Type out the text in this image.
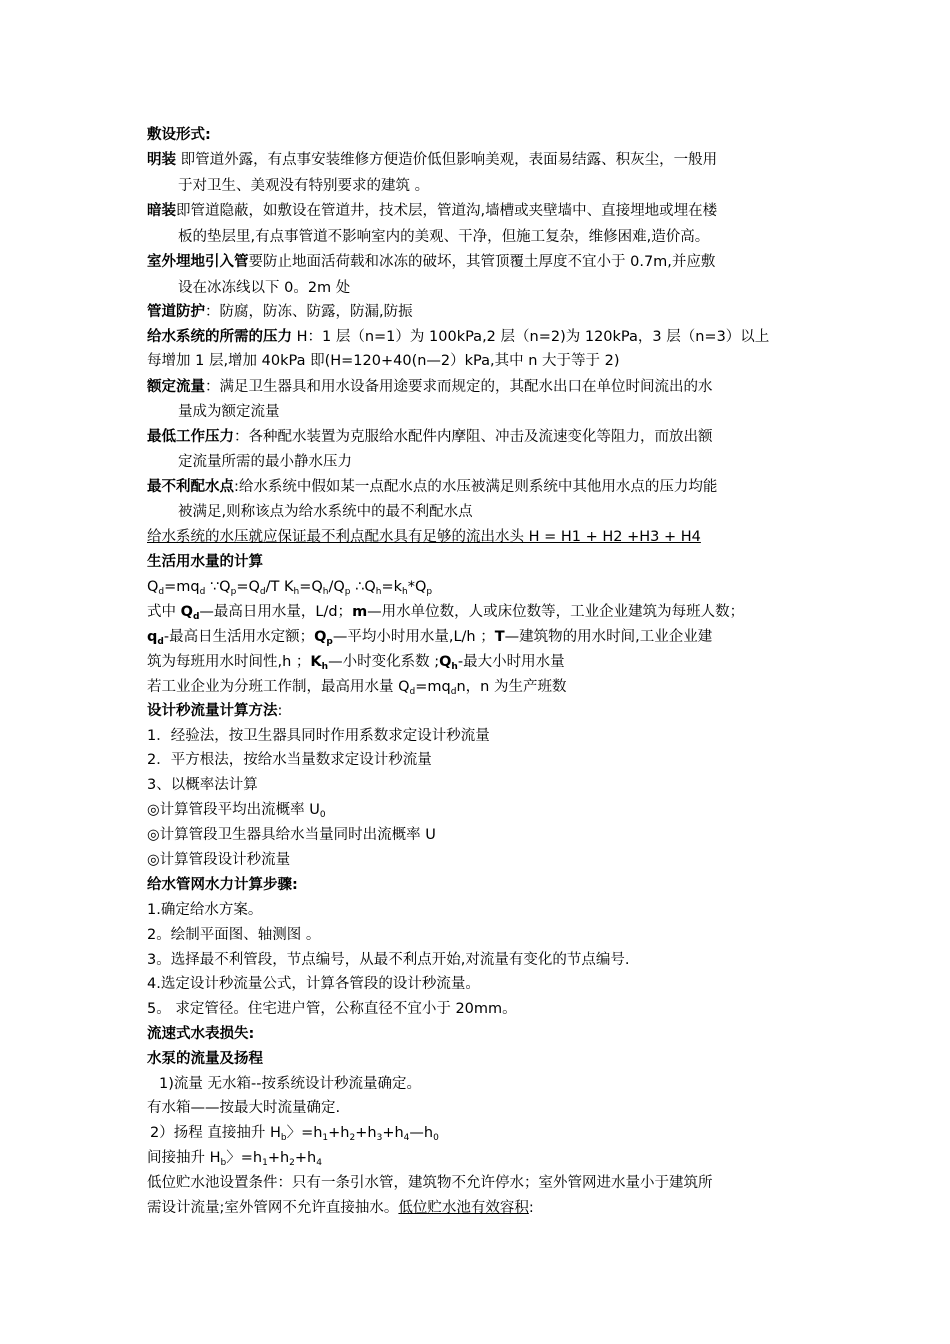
敷设形式:
明装 即管道外露，有点事安装维修方便造价低但影响美观，表面易结露、积灰尘，一般用
于对卫生、美观没有特别要求的建筑 。
暗装即管道隐蔽，如敷设在管道井，技术层，管道沟,墙槽或夹壁墙中、直接埋地或埋在楼
板的垫层里,有点事管道不影响室内的美观、干净，但施工复杂，维修困难,造价高。
室外埋地引入管要防止地面活荷载和冰冻的破坏，其管顶覆土厚度不宜小于 0.7m,并应敷
设在冰冻线以下 0。2m 处
管道防护：防腐，防冻、防露，防漏,防振
给水系统的所需的压力 H：1 层（n=1）为 100kPa,2 层（n=2)为 120kPa，3 层（n=3）以上
每增加 1 层,增加 40kPa 即(H=120+40(n—2）kPa,其中 n 大于等于 2)
额定流量：满足卫生器具和用水设备用途要求而规定的，其配水出口在单位时间流出的水
量成为额定流量
最低工作压力：各种配水装置为克服给水配件内摩阻、冲击及流速变化等阻力，而放出额
定流量所需的最小静水压力
最不利配水点:给水系统中假如某一点配水点的水压被满足则系统中其他用水点的压力均能
被满足,则称该点为给水系统中的最不利配水点
给水系统的水压就应保证最不利点配水具有足够的流出水头 H = H1 + H2 +H3 + H4
生活用水量的计算
$Q_d=mq_d$ $\because Q_p=Q_d/T$ $K_h=Q_h/Q_p$ $\therefore Q_h=k_h*Q_p$
式中 $Q_d—$最高日用水量，L/d；m—用水单位数，人或床位数等，工业企业建筑为每班人数；
$q_d-$最高日生活用水定额；$Q_p—$平均小时用水量,L/h ；T—建筑物的用水时间,工业企业建
筑为每班用水时间性,h ；$K_h—$小时变化系数 $;Q_h-$最大小时用水量
若工业企业为分班工作制，最高用水量 $Q_d=mq_dn$，n 为生产班数
设计秒流量计算方法:
1．经验法，按卫生器具同时作用系数求定设计秒流量
2．平方根法，按给水当量数求定设计秒流量
3、以概率法计算
◎计算管段平均出流概率 $U_0$
◎计算管段卫生器具给水当量同时出流概率 U
◎计算管段设计秒流量
给水管网水力计算步骤:
1.确定给水方案。
2。绘制平面图、轴测图 。
3。选择最不利管段，节点编号，从最不利点开始,对流量有变化的节点编号.
4.选定设计秒流量公式，计算各管段的设计秒流量。
5。 求定管径。住宅进户管，公称直径不宜小于 20mm。
流速式水表损失:
水泵的流量及扬程
1)流量 无水箱--按系统设计秒流量确定。
有水箱——按最大时流量确定.
2）扬程 直接抽升 $H_b$〉$=h_1+h_2+h_3+h_4—h_0$
间接抽升 $H_b$〉$=h_1+h_2+h_4$
低位贮水池设置条件：只有一条引水管，建筑物不允许停水；室外管网进水量小于建筑所
需设计流量;室外管网不允许直接抽水。低位贮水池有效容积:
